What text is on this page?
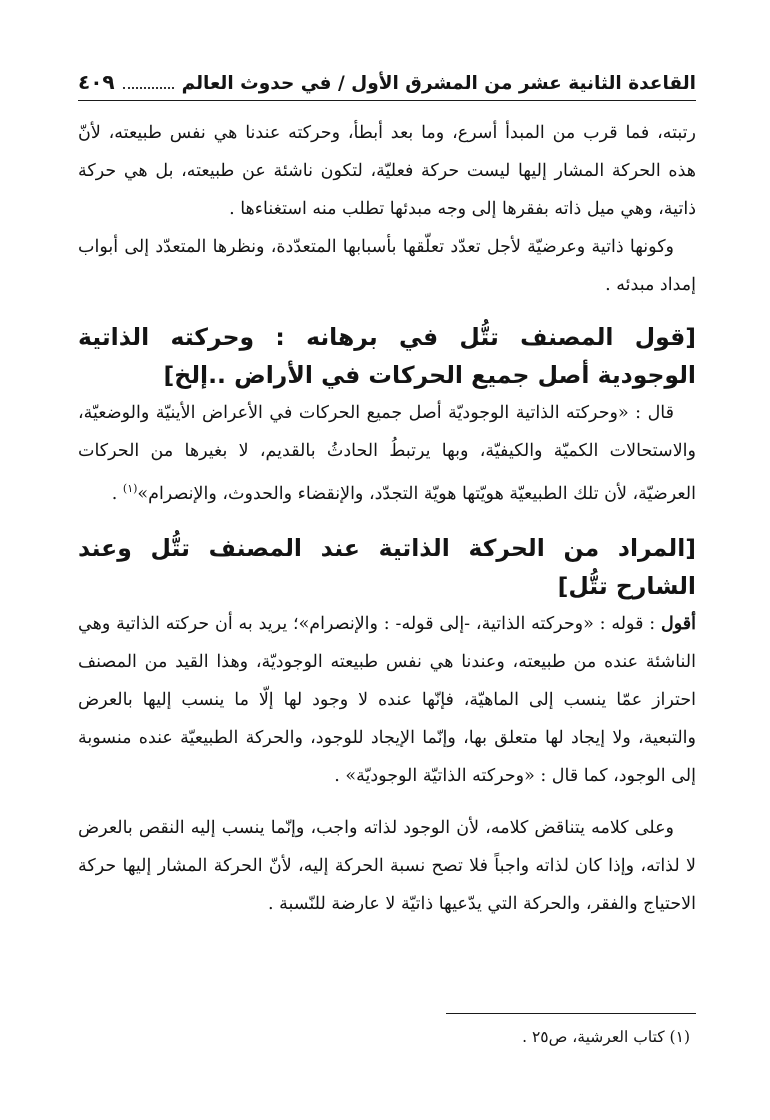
القاعدة الثانية عشر من المشرق الأول / في حدوث العالم
٤٠٩

رتبته، فما قرب من المبدأ أسرع، وما بعد أبطأ، وحركته عندنا هي نفس طبيعته، لأنّ هذه الحركة المشار إليها ليست حركة فعليّة، لتكون ناشئة عن طبيعته، بل هي حركة ذاتية، وهي ميل ذاته بفقرها إلى وجه مبدئها تطلب منه استغناءها .

وكونها ذاتية وعرضيّة لأجل تعدّد تعلّقها بأسبابها المتعدّدة، ونظرها المتعدّد إلى أبواب إمداد مبدئه .

[قول المصنف تتُّل في برهانه : وحركته الذاتية الوجودية أصل جميع الحركات في الأراض ..إلخ]

قال : «وحركته الذاتية الوجوديّة أصل جميع الحركات في الأعراض الأينيّة والوضعيّة، والاستحالات الكميّة والكيفيّة، وبها يرتبطُ الحادثُ بالقديم، لا بغيرها من الحركات العرضيّة، لأن تلك الطبيعيّة هويّتها هويّة التجدّد، والإنقضاء والحدوث، والإنصرام»$^{(١)}$ .

[المراد من الحركة الذاتية عند المصنف تتُّل وعند الشارح تتُّل]

أقول : قوله : «وحركته الذاتية، -إلى قوله- : والإنصرام»؛ يريد به أن حركته الذاتية وهي الناشئة عنده من طبيعته، وعندنا هي نفس طبيعته الوجوديّة، وهذا القيد من المصنف احتراز عمّا ينسب إلى الماهيّة، فإنّها عنده لا وجود لها إلّا ما ينسب إليها بالعرض والتبعية، ولا إيجاد لها متعلق بها، وإنّما الإيجاد للوجود، والحركة الطبيعيّة عنده منسوبة إلى الوجود، كما قال : «وحركته الذاتيّة الوجوديّة» .

وعلى كلامه يتناقض كلامه، لأن الوجود لذاته واجب، وإنّما ينسب إليه النقص بالعرض لا لذاته، وإذا كان لذاته واجباً فلا تصح نسبة الحركة إليه، لأنّ الحركة المشار إليها حركة الاحتياج والفقر، والحركة التي يدّعيها ذاتيّة لا عارضة للنّسبة .

(١) كتاب العرشية، ص٢٥ .
